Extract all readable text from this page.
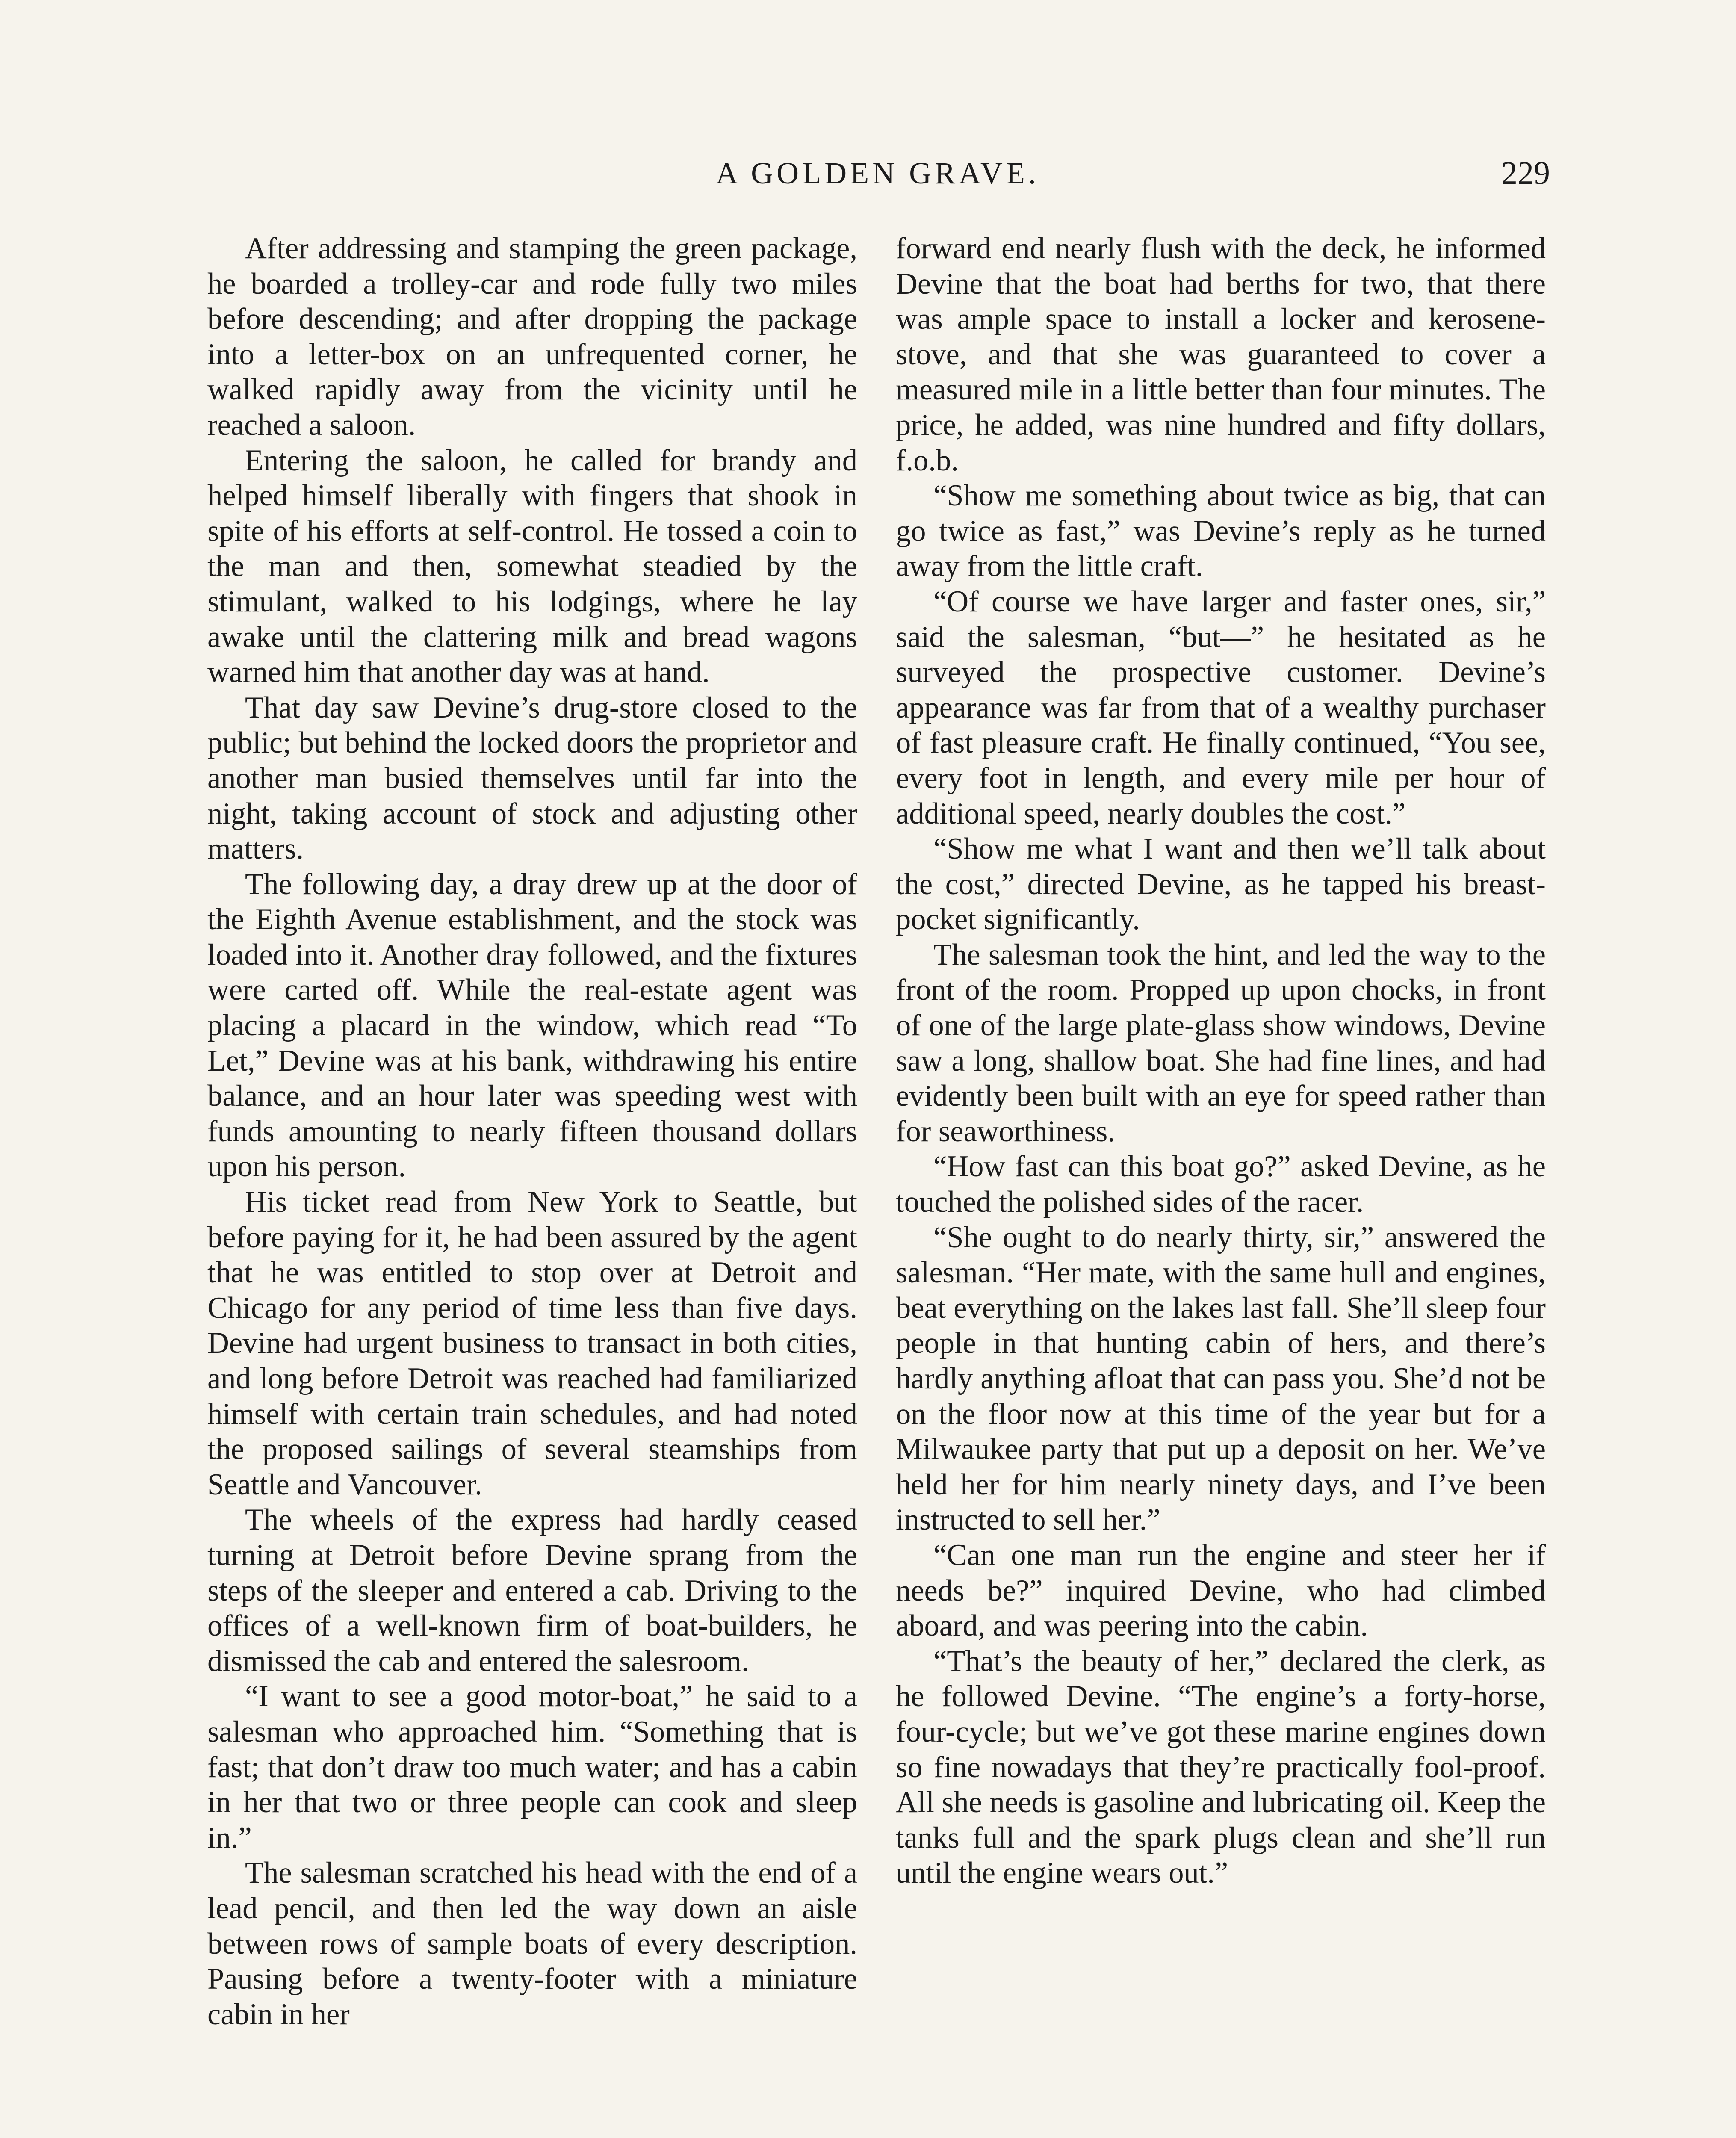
A GOLDEN GRAVE.	229

After addressing and stamping the green package, he boarded a trolley-car and rode fully two miles before descending; and after dropping the package into a letter-box on an unfrequented corner, he walked rapidly away from the vicinity until he reached a saloon.

Entering the saloon, he called for brandy and helped himself liberally with fingers that shook in spite of his efforts at self-control. He tossed a coin to the man and then, somewhat steadied by the stimulant, walked to his lodgings, where he lay awake until the clattering milk and bread wagons warned him that another day was at hand.

That day saw Devine’s drug-store closed to the public; but behind the locked doors the proprietor and another man busied themselves until far into the night, taking account of stock and adjusting other matters.

The following day, a dray drew up at the door of the Eighth Avenue establishment, and the stock was loaded into it. Another dray followed, and the fixtures were carted off. While the real-estate agent was placing a placard in the window, which read “To Let,” Devine was at his bank, withdrawing his entire balance, and an hour later was speeding west with funds amounting to nearly fifteen thousand dollars upon his person.

His ticket read from New York to Seattle, but before paying for it, he had been assured by the agent that he was entitled to stop over at Detroit and Chicago for any period of time less than five days. Devine had urgent business to transact in both cities, and long before Detroit was reached had familiarized himself with certain train schedules, and had noted the proposed sailings of several steamships from Seattle and Vancouver.

The wheels of the express had hardly ceased turning at Detroit before Devine sprang from the steps of the sleeper and entered a cab. Driving to the offices of a well-known firm of boat-builders, he dismissed the cab and entered the salesroom.

“I want to see a good motor-boat,” he said to a salesman who approached him. “Something that is fast; that don’t draw too much water; and has a cabin in her that two or three people can cook and sleep in.”

The salesman scratched his head with the end of a lead pencil, and then led the way down an aisle between rows of sample boats of every description. Pausing before a twenty-footer with a miniature cabin in her

forward end nearly flush with the deck, he informed Devine that the boat had berths for two, that there was ample space to install a locker and kerosene-stove, and that she was guaranteed to cover a measured mile in a little better than four minutes. The price, he added, was nine hundred and fifty dollars, f.o.b.

“Show me something about twice as big, that can go twice as fast,” was Devine’s reply as he turned away from the little craft.

“Of course we have larger and faster ones, sir,” said the salesman, “but—” he hesitated as he surveyed the prospective customer. Devine’s appearance was far from that of a wealthy purchaser of fast pleasure craft. He finally continued, “You see, every foot in length, and every mile per hour of additional speed, nearly doubles the cost.”

“Show me what I want and then we’ll talk about the cost,” directed Devine, as he tapped his breast-pocket significantly.

The salesman took the hint, and led the way to the front of the room. Propped up upon chocks, in front of one of the large plate-glass show windows, Devine saw a long, shallow boat. She had fine lines, and had evidently been built with an eye for speed rather than for seaworthiness.

“How fast can this boat go?” asked Devine, as he touched the polished sides of the racer.

“She ought to do nearly thirty, sir,” answered the salesman. “Her mate, with the same hull and engines, beat everything on the lakes last fall. She’ll sleep four people in that hunting cabin of hers, and there’s hardly anything afloat that can pass you. She’d not be on the floor now at this time of the year but for a Milwaukee party that put up a deposit on her. We’ve held her for him nearly ninety days, and I’ve been instructed to sell her.”

“Can one man run the engine and steer her if needs be?” inquired Devine, who had climbed aboard, and was peering into the cabin.

“That’s the beauty of her,” declared the clerk, as he followed Devine. “The engine’s a forty-horse, four-cycle; but we’ve got these marine engines down so fine nowadays that they’re practically fool-proof. All she needs is gasoline and lubricating oil. Keep the tanks full and the spark plugs clean and she’ll run until the engine wears out.”
